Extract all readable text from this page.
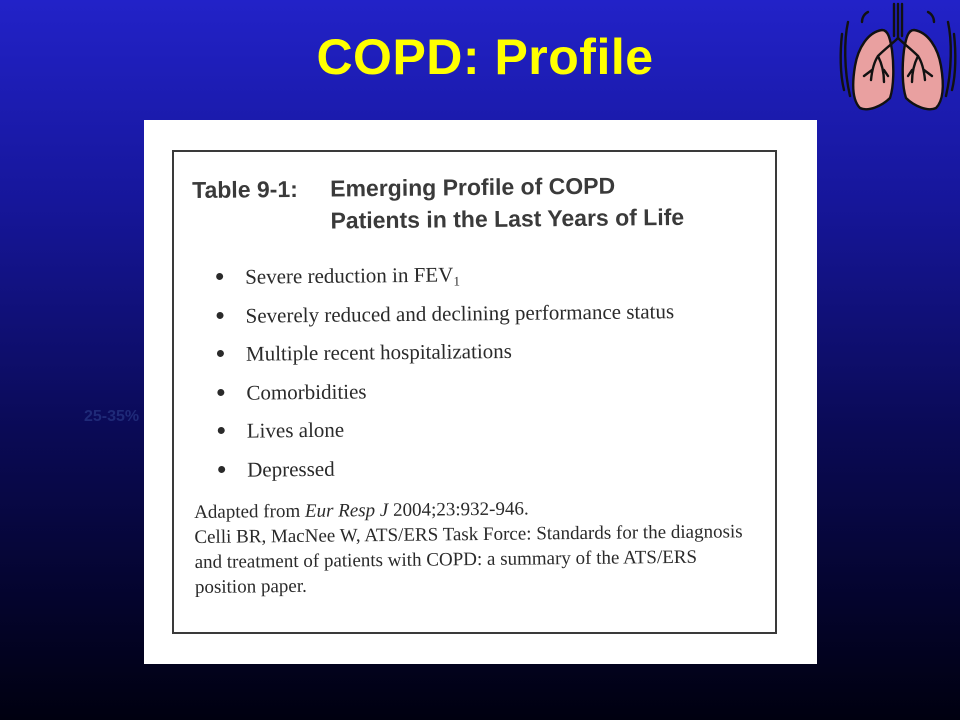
COPD: Profile
25-35%
Table 9-1: Emerging Profile of COPD
Patients in the Last Years of Life
Severe reduction in $FEV_1$
Severely reduced and declining performance status
Multiple recent hospitalizations
Comorbidities
Lives alone
Depressed
Adapted from Eur Resp J 2004;23:932-946.
Celli BR, MacNee W, ATS/ERS Task Force: Standards for the diagnosis and treatment of patients with COPD: a summary of the ATS/ERS position paper.
